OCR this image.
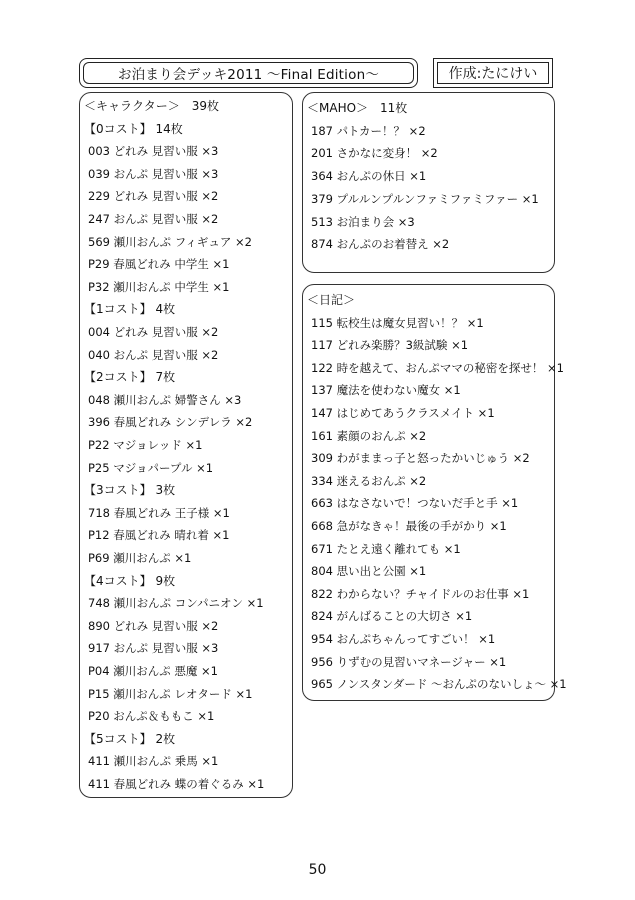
お泊まり会デッキ2011 ～Final Edition～	作成:たにけい
＜キャラクター＞　39枚
【0コスト】 14枚
003 どれみ 見習い服 ×3
039 おんぷ 見習い服 ×3
229 どれみ 見習い服 ×2
247 おんぷ 見習い服 ×2
569 瀬川おんぷ フィギュア ×2
P29 春風どれみ 中学生 ×1
P32 瀬川おんぷ 中学生 ×1
【1コスト】 4枚
004 どれみ 見習い服 ×2
040 おんぷ 見習い服 ×2
【2コスト】 7枚
048 瀬川おんぷ 婦警さん ×3
396 春風どれみ シンデレラ ×2
P22 マジョレッド ×1
P25 マジョパープル ×1
【3コスト】 3枚
718 春風どれみ 王子様 ×1
P12 春風どれみ 晴れ着 ×1
P69 瀬川おんぷ ×1
【4コスト】 9枚
748 瀬川おんぷ コンパニオン ×1
890 どれみ 見習い服 ×2
917 おんぷ 見習い服 ×3
P04 瀬川おんぷ 悪魔 ×1
P15 瀬川おんぷ レオタード ×1
P20 おんぷ＆ももこ ×1
【5コスト】 2枚
411 瀬川おんぷ 乗馬 ×1
411 春風どれみ 蝶の着ぐるみ ×1
＜MAHO＞　11枚
187 パトカー！？ ×2
201 さかなに変身！ ×2
364 おんぷの休日 ×1
379 プルルンプルンファミファミファー ×1
513 お泊まり会 ×3
874 おんぷのお着替え ×2
＜日記＞
115 転校生は魔女見習い！？ ×1
117 どれみ楽勝？3級試験 ×1
122 時を越えて、おんぷママの秘密を探せ！ ×1
137 魔法を使わない魔女 ×1
147 はじめてあうクラスメイト ×1
161 素顔のおんぷ ×2
309 わがままっ子と怒ったかいじゅう ×2
334 迷えるおんぷ ×2
663 はなさないで！つないだ手と手 ×1
668 急がなきゃ！最後の手がかり ×1
671 たとえ遠く離れても ×1
804 思い出と公園 ×1
822 わからない？チャイドルのお仕事 ×1
824 がんばることの大切さ ×1
954 おんぷちゃんってすごい！ ×1
956 りずむの見習いマネージャー ×1
965 ノンスタンダード ～おんぷのないしょ～ ×1
50
